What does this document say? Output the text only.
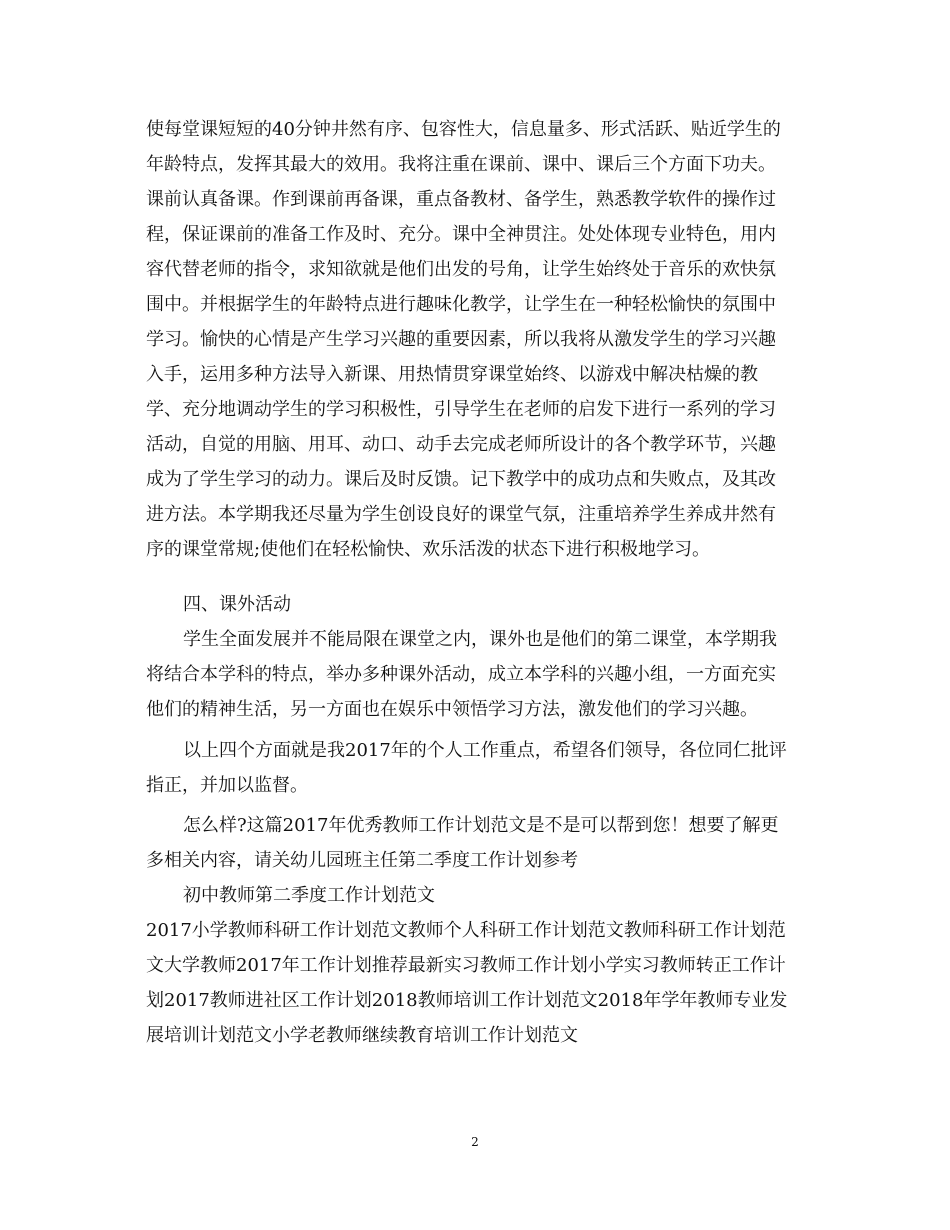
使每堂课短短的40分钟井然有序、包容性大，信息量多、形式活跃、贴近学生的
年龄特点，发挥其最大的效用。我将注重在课前、课中、课后三个方面下功夫。
课前认真备课。作到课前再备课，重点备教材、备学生，熟悉教学软件的操作过
程，保证课前的准备工作及时、充分。课中全神贯注。处处体现专业特色，用内
容代替老师的指令，求知欲就是他们出发的号角，让学生始终处于音乐的欢快氛
围中。并根据学生的年龄特点进行趣味化教学，让学生在一种轻松愉快的氛围中
学习。愉快的心情是产生学习兴趣的重要因素，所以我将从激发学生的学习兴趣
入手，运用多种方法导入新课、用热情贯穿课堂始终、以游戏中解决枯燥的教
学、充分地调动学生的学习积极性，引导学生在老师的启发下进行一系列的学习
活动，自觉的用脑、用耳、动口、动手去完成老师所设计的各个教学环节，兴趣
成为了学生学习的动力。课后及时反馈。记下教学中的成功点和失败点，及其改
进方法。本学期我还尽量为学生创设良好的课堂气氛，注重培养学生养成井然有
序的课堂常规;使他们在轻松愉快、欢乐活泼的状态下进行积极地学习。
四、课外活动
学生全面发展并不能局限在课堂之内，课外也是他们的第二课堂，本学期我
将结合本学科的特点，举办多种课外活动，成立本学科的兴趣小组，一方面充实
他们的精神生活，另一方面也在娱乐中领悟学习方法，激发他们的学习兴趣。
以上四个方面就是我2017年的个人工作重点，希望各们领导，各位同仁批评
指正，并加以监督。
怎么样?这篇2017年优秀教师工作计划范文是不是可以帮到您！想要了解更
多相关内容，请关幼儿园班主任第二季度工作计划参考
初中教师第二季度工作计划范文
2017小学教师科研工作计划范文教师个人科研工作计划范文教师科研工作计划范
文大学教师2017年工作计划推荐最新实习教师工作计划小学实习教师转正工作计
划2017教师进社区工作计划2018教师培训工作计划范文2018年学年教师专业发
展培训计划范文小学老教师继续教育培训工作计划范文
2
